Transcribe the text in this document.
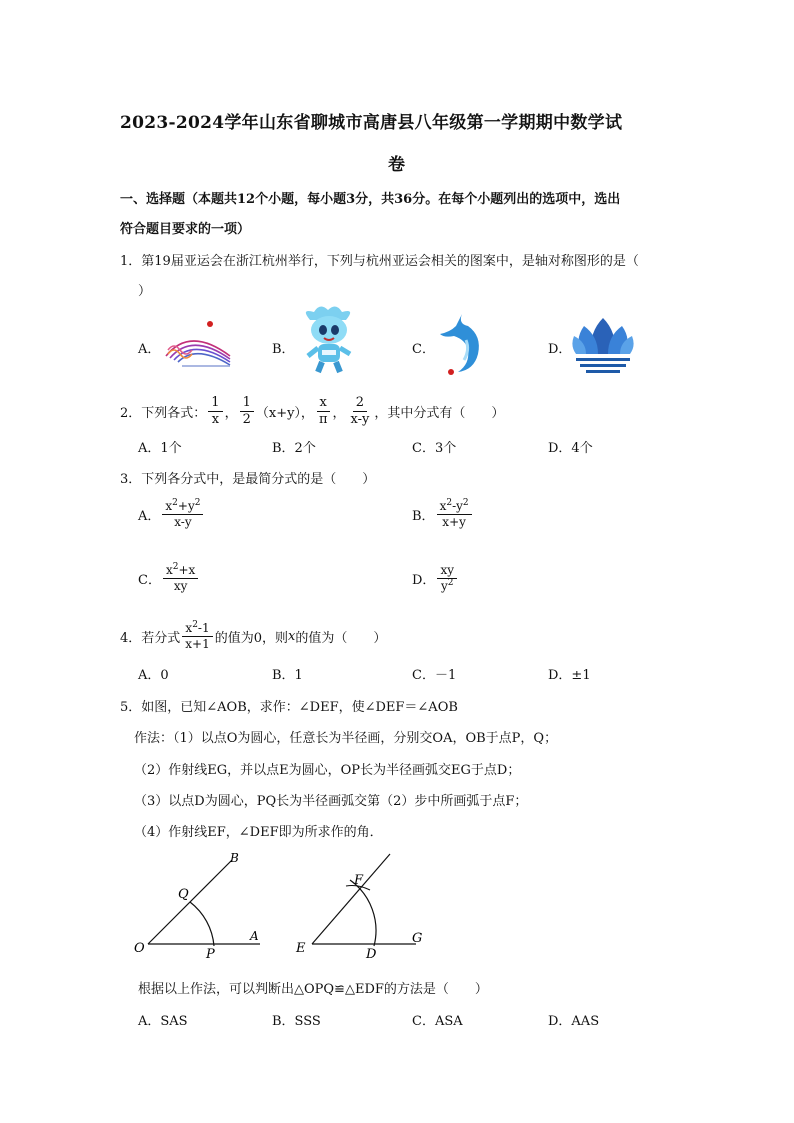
2023-2024学年山东省聊城市高唐县八年级第一学期期中数学试
卷
一、选择题（本题共12个小题，每小题3分，共36分。在每个小题列出的选项中，选出
符合题目要求的一项）
1．第19届亚运会在浙江杭州举行，下列与杭州亚运会相关的图案中，是轴对称图形的是（
）
A．	B．	C．	D．
2．下列各式： $\frac{1}{x}$ ， $\frac{1}{2} (x+y)$， $\frac{x}{\pi}$ ， $\frac{2}{x-y}$ ，其中分式有（　　）
A．1个	B．2个	C．3个	D．4个
3．下列各分式中，是最简分式的是（　　）
A． $\frac{x^2+y^2}{x-y}$	B． $\frac{x^2-y^2}{x+y}$
C． $\frac{x^2+x}{xy}$	D． $\frac{xy}{y^2}$
4．若分式 $\frac{x^2-1}{x+1}$ 的值为0，则 x 的值为（　　）
A．0	B．1	C．－1	D．±1
5．如图，已知∠AOB，求作：∠DEF，使∠DEF＝∠AOB
作法：（1）以点O为圆心，任意长为半径画，分别交OA，OB于点P，Q；
（2）作射线EG，并以点E为圆心，OP长为半径画弧交EG于点D；
（3）以点D为圆心，PQ长为半径画弧交第（2）步中所画弧于点F；
（4）作射线EF，∠DEF即为所求作的角．
O	P
A
Q
B
E	D
G
F
根据以上作法，可以判断出△OPQ≌△EDF的方法是（　　）
A．SAS	B．SSS	C．ASA	D．AAS
